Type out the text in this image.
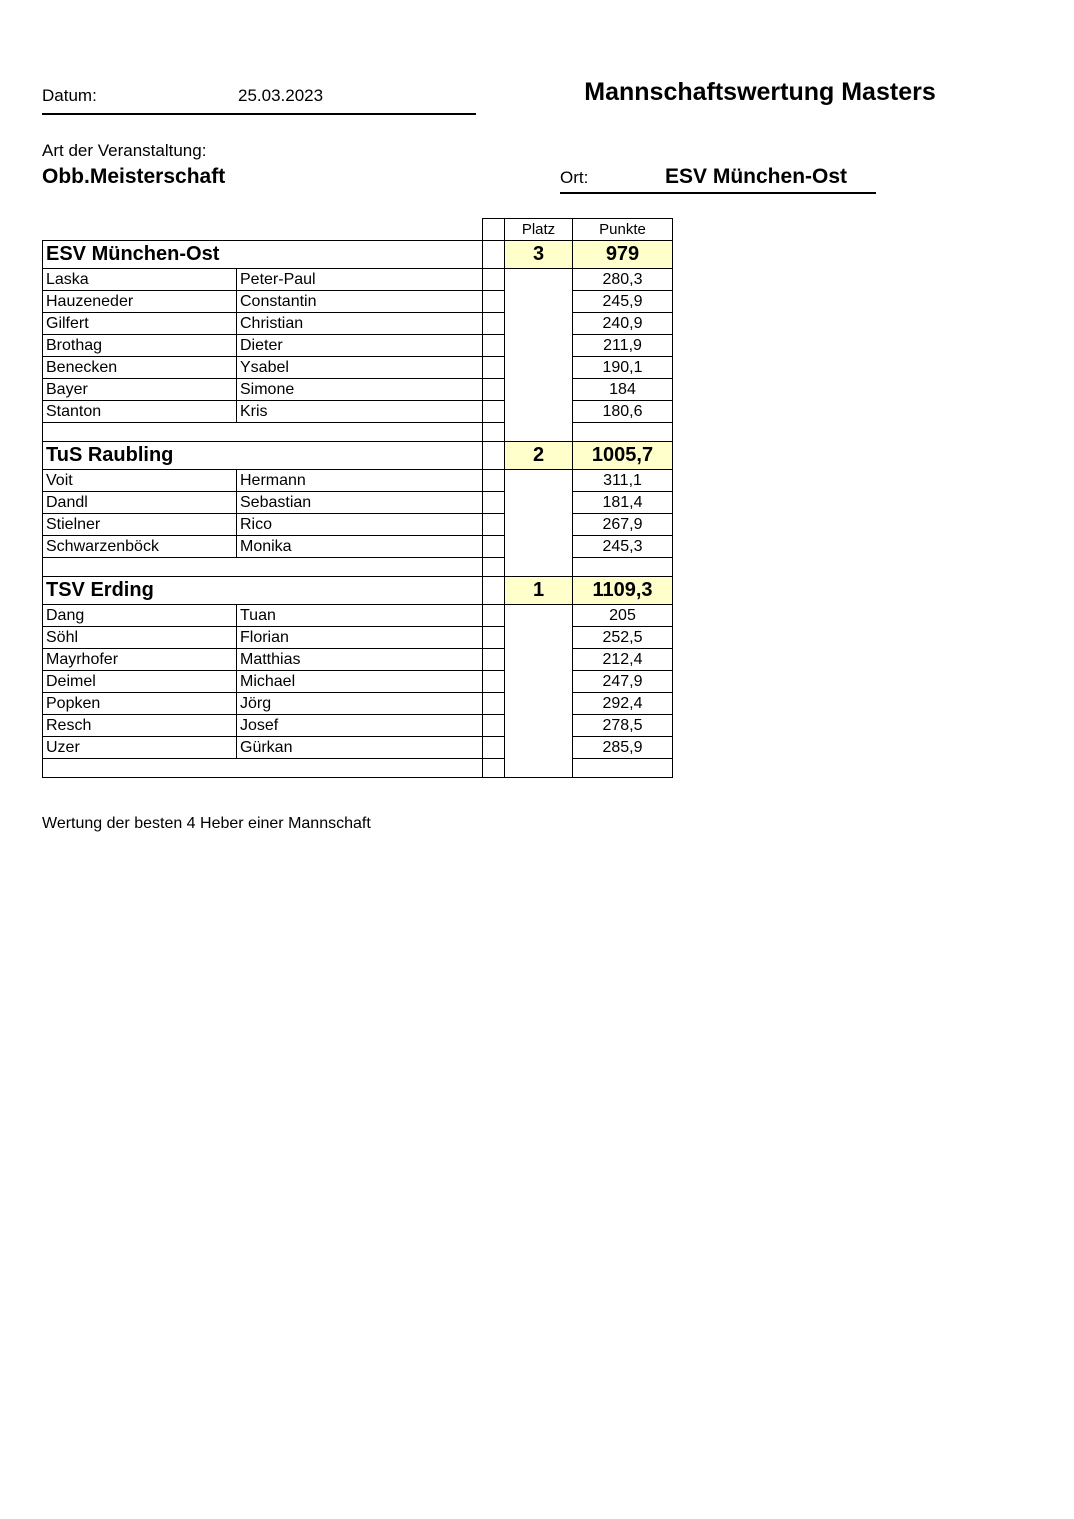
Datum:	25.03.2023	Mannschaftswertung Masters
Art der Veranstaltung:
Obb.Meisterschaft	Ort:	ESV München-Ost
			Platz	Punkte
ESV München-Ost			3	979
Laska	Peter-Paul			280,3
Hauzeneder	Constantin			245,9
Gilfert	Christian			240,9
Brothag	Dieter			211,9
Benecken	Ysabel			190,1
Bayer	Simone			184
Stanton	Kris			180,6

TuS Raubling			2	1005,7
Voit	Hermann			311,1
Dandl	Sebastian			181,4
Stielner	Rico			267,9
Schwarzenböck	Monika			245,3

TSV Erding			1	1109,3
Dang	Tuan			205
Söhl	Florian			252,5
Mayrhofer	Matthias			212,4
Deimel	Michael			247,9
Popken	Jörg			292,4
Resch	Josef			278,5
Uzer	Gürkan			285,9

Wertung der besten 4 Heber einer Mannschaft
